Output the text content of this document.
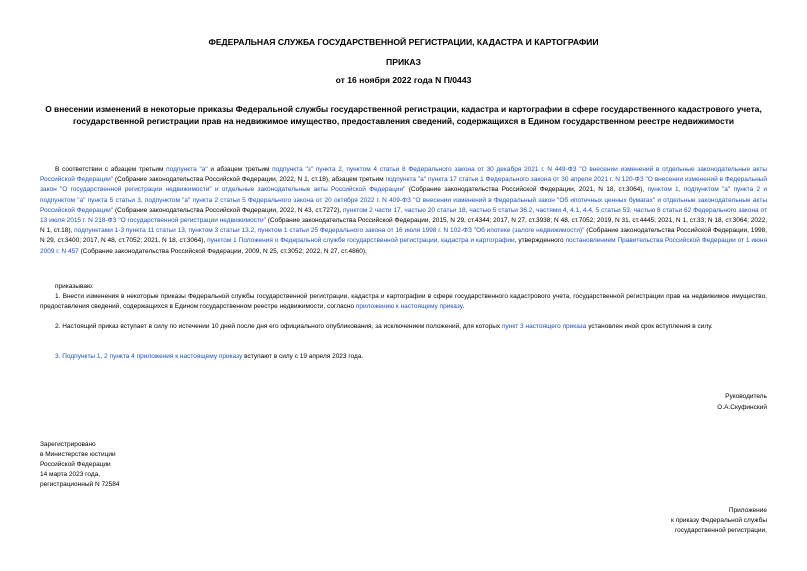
ФЕДЕРАЛЬНАЯ СЛУЖБА ГОСУДАРСТВЕННОЙ РЕГИСТРАЦИИ, КАДАСТРА И КАРТОГРАФИИ
ПРИКАЗ
от 16 ноября 2022 года N П/0443
О внесении изменений в некоторые приказы Федеральной службы государственной регистрации, кадастра и картографии в сфере государственного кадастрового учета, государственной регистрации прав на недвижимое имущество, предоставления сведений, содержащихся в Едином государственном реестре недвижимости
В соответствии с абзацем третьим подпункта "а" и абзацем третьим подпункта "з" пункта 2, пунктом 4 статьи 8 Федерального закона от 30 декабря 2021 г. N 449-ФЗ "О внесении изменений в отдельные законодательные акты Российской Федерации" (Собрание законодательства Российской Федерации, 2022, N 1, ст.18), абзацем третьим подпункта "а" пункта 17 статьи 1 Федерального закона от 30 апреля 2021 г. N 120-ФЗ "О внесении изменений в Федеральный закон "О государственной регистрации недвижимости" и отдельные законодательные акты Российской Федерации" (Собрание законодательства Российской Федерации, 2021, N 18, ст.3064), пунктом 1, подпунктом "а" пункта 2 и подпунктом "а" пункта 5 статьи 3, подпунктом "а" пункта 2 статьи 5 Федерального закона от 20 октября 2022 г. N 409-ФЗ "О внесении изменений в Федеральный закон "Об ипотечных ценных бумагах" и отдельные законодательные акты Российской Федерации" (Собрание законодательства Российской Федерации, 2022, N 43, ст.7272), пунктом 2 части 17, частью 20 статьи 18, частью 5 статьи 36.2, частями 4, 4.1, 4.4, 5 статьи 53, частью 8 статьи 62 Федерального закона от 13 июля 2015 г. N 218-ФЗ "О государственной регистрации недвижимости" (Собрание законодательства Российской Федерации, 2015, N 29, ст.4344; 2017, N 27, ст.3938; N 48, ст.7052; 2019, N 31, ст.4445; 2021, N 1, ст.33; N 18, ст.3064; 2022, N 1, ст.18), подпунктами 1-3 пункта 11 статьи 13, пунктом 3 статьи 13.2, пунктом 1 статьи 25 Федерального закона от 16 июля 1998 г. N 102-ФЗ "Об ипотеке (залоге недвижимости)" (Собрание законодательства Российской Федерации, 1998, N 29, ст.3400; 2017, N 48, ст.7052; 2021, N 18, ст.3064), пунктом 1 Положения о Федеральной службе государственной регистрации, кадастра и картографии, утвержденного постановлением Правительства Российской Федерации от 1 июня 2009 г. N 457 (Собрание законодательства Российской Федерации, 2009, N 25, ст.3052; 2022, N 27, ст.4860),
приказываю:
1. Внести изменения в некоторые приказы Федеральной службы государственной регистрации, кадастра и картографии в сфере государственного кадастрового учета, государственной регистрации прав на недвижимое имущество, предоставления сведений, содержащихся в Едином государственном реестре недвижимости, согласно приложению к настоящему приказу.
2. Настоящий приказ вступает в силу по истечении 10 дней после дня его официального опубликования, за исключением положений, для которых пункт 3 настоящего приказа установлен иной срок вступления в силу.
3. Подпункты 1, 2 пункта 4 приложения к настоящему приказу вступают в силу с 19 апреля 2023 года.
Руководитель
О.А.Скуфинский
Зарегистрировано
в Министерстве юстиции
Российской Федерации
14 марта 2023 года,
регистрационный N 72584
Приложение
к приказу Федеральной службы
государственной регистрации,
